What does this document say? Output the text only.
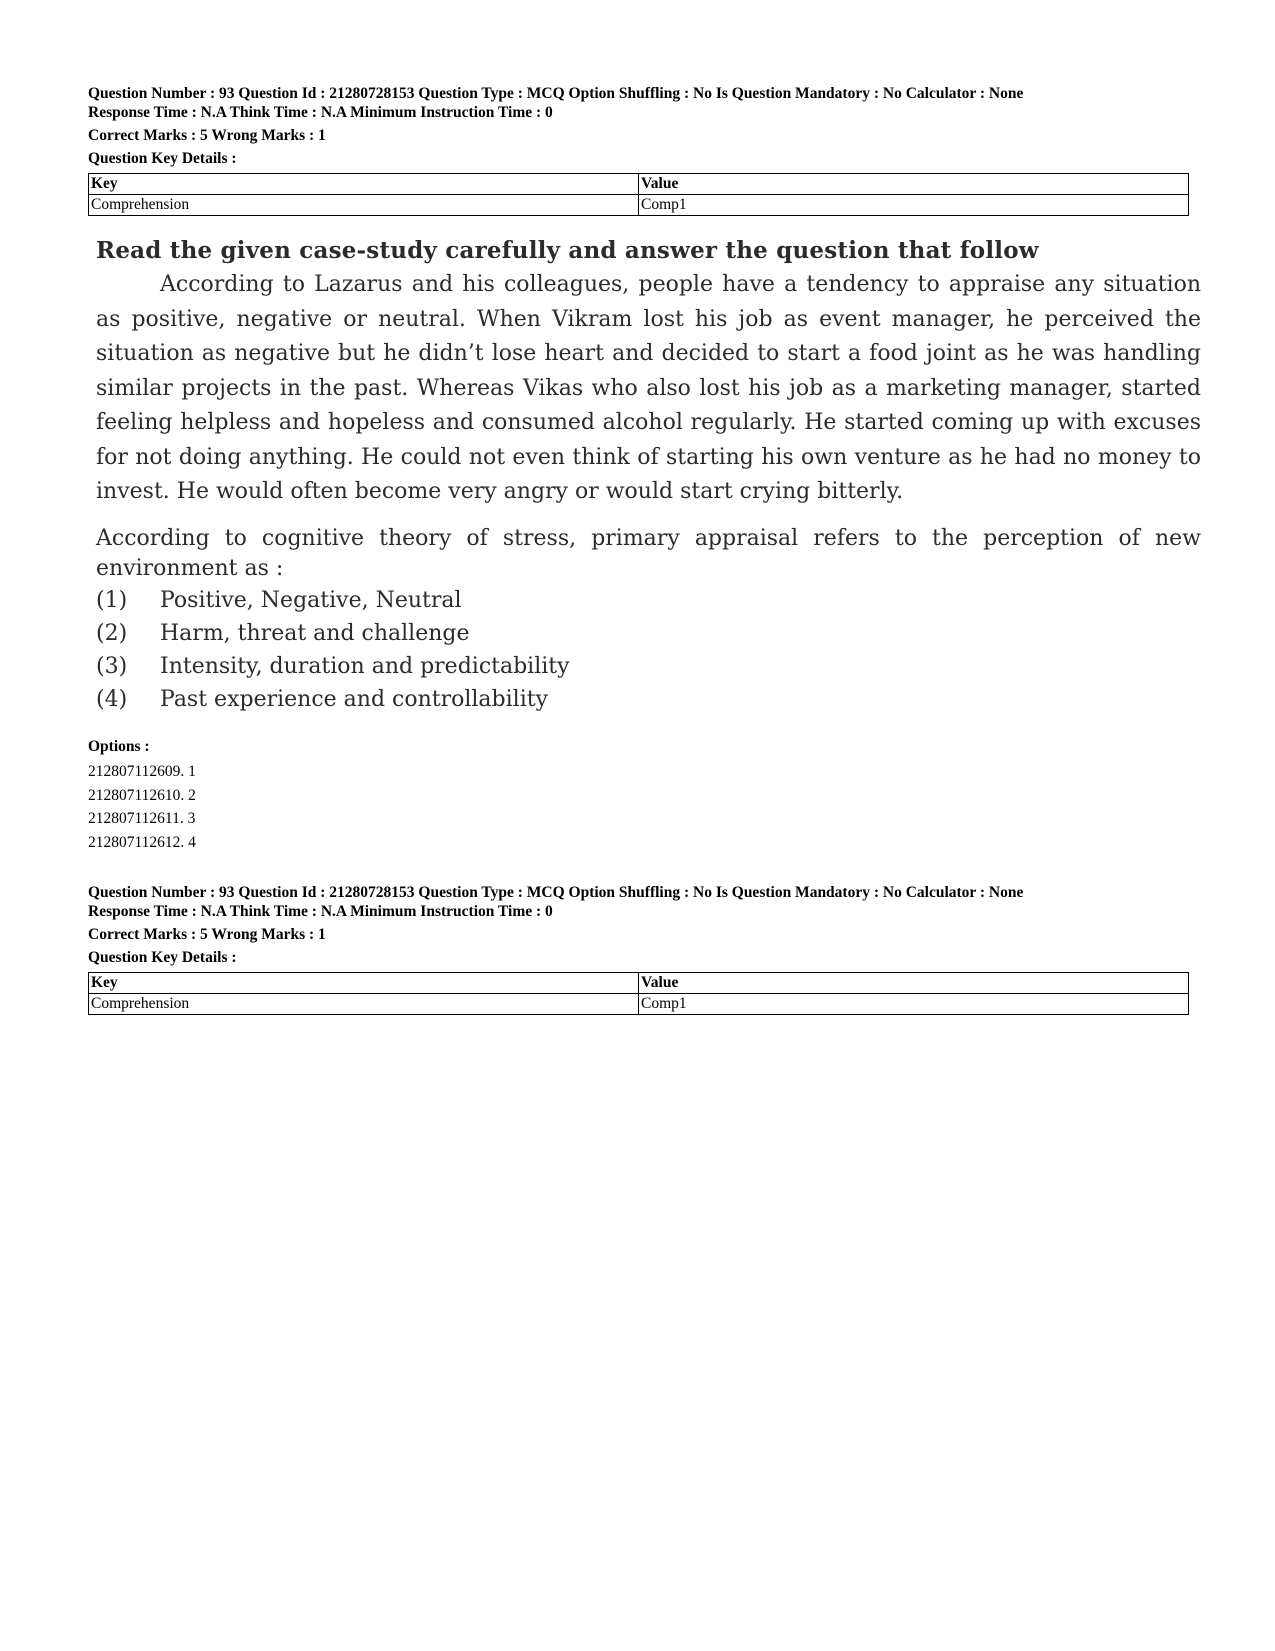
Question Number : 93 Question Id : 21280728153 Question Type : MCQ Option Shuffling : No Is Question Mandatory : No Calculator : None
Response Time : N.A Think Time : N.A Minimum Instruction Time : 0
Correct Marks : 5 Wrong Marks : 1
Question Key Details :
Key	Value
Comprehension	Comp1
Read the given case-study carefully and answer the question that follow

According to Lazarus and his colleagues, people have a tendency to appraise any situation as positive, negative or neutral. When Vikram lost his job as event manager, he perceived the situation as negative but he didn’t lose heart and decided to start a food joint as he was handling similar projects in the past. Whereas Vikas who also lost his job as a marketing manager, started feeling helpless and hopeless and consumed alcohol regularly. He started coming up with excuses for not doing anything. He could not even think of starting his own venture as he had no money to invest. He would often become very angry or would start crying bitterly.

According to cognitive theory of stress, primary appraisal refers to the perception of new environment as :
(1)	Positive, Negative, Neutral
(2)	Harm, threat and challenge
(3)	Intensity, duration and predictability
(4)	Past experience and controllability
Options :
212807112609. 1
212807112610. 2
212807112611. 3
212807112612. 4
Question Number : 93 Question Id : 21280728153 Question Type : MCQ Option Shuffling : No Is Question Mandatory : No Calculator : None
Response Time : N.A Think Time : N.A Minimum Instruction Time : 0
Correct Marks : 5 Wrong Marks : 1
Question Key Details :
Key	Value
Comprehension	Comp1
